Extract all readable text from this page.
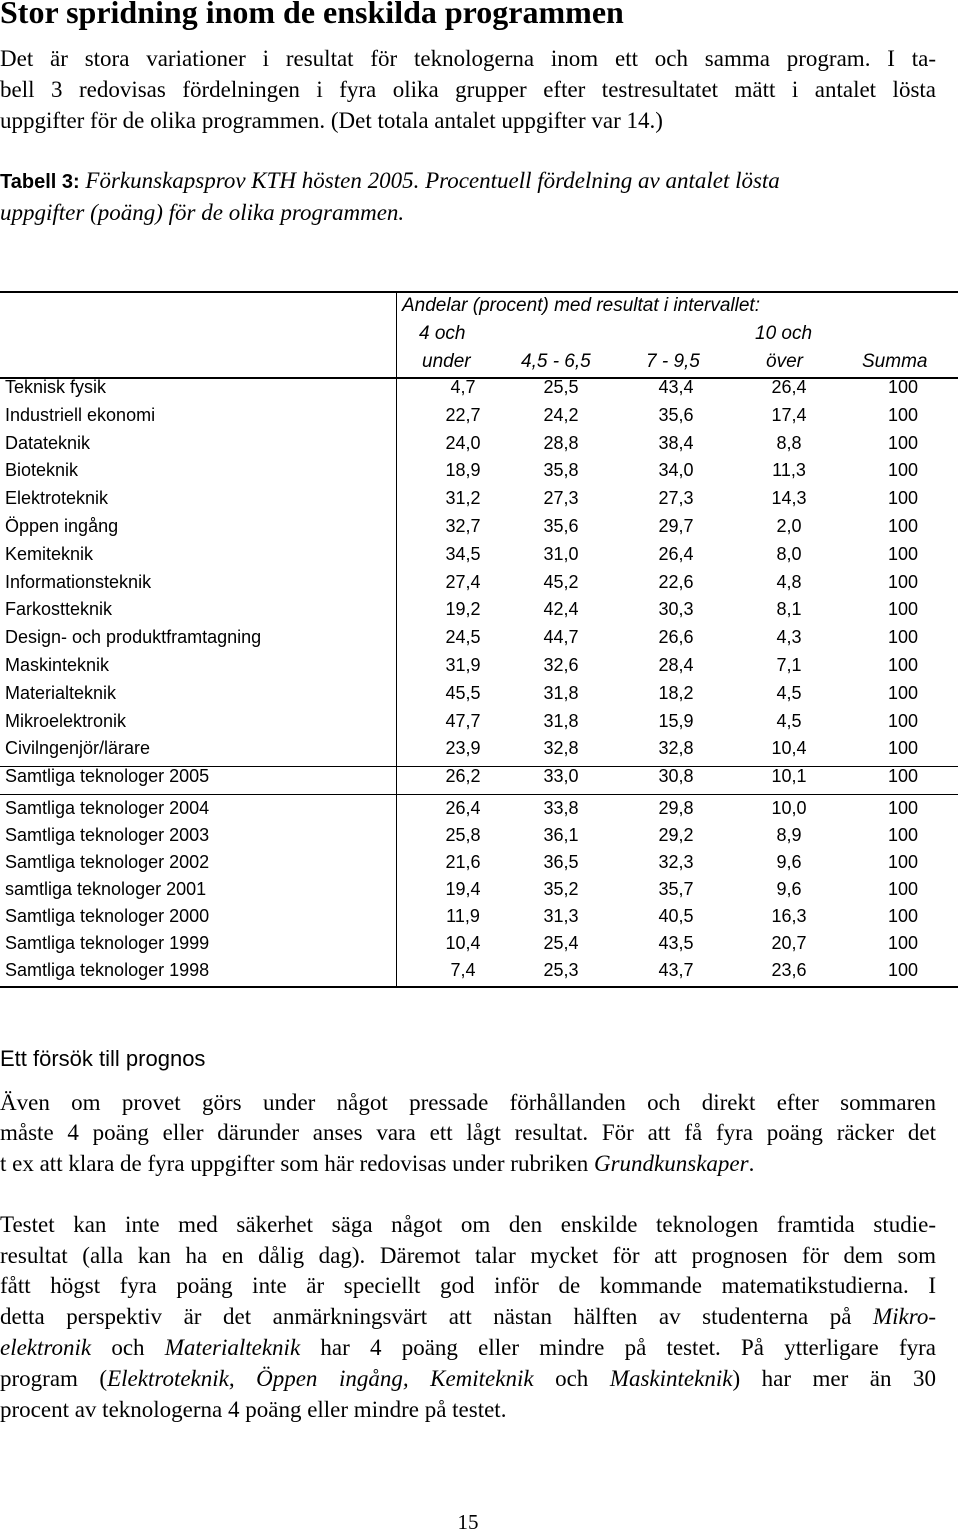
Stor spridning inom de enskilda programmen
Det är stora variationer i resultat för teknologerna inom ett och samma program. I ta-
bell 3 redovisas fördelningen i fyra olika grupper efter testresultatet mätt i antalet lösta
uppgifter för de olika programmen. (Det totala antalet uppgifter var 14.)
Tabell 3: Förkunskapsprov KTH hösten 2005. Procentuell fördelning av antalet lösta
uppgifter (poäng) för de olika programmen.
Andelar (procent) med resultat i intervallet:
4 och
under	4,5 - 6,5	7 - 9,5
10 och
över	Summa
Teknisk fysik	4,7	25,5	43,4	26,4	100
Industriell ekonomi	22,7	24,2	35,6	17,4	100
Datateknik	24,0	28,8	38,4	8,8	100
Bioteknik	18,9	35,8	34,0	11,3	100
Elektroteknik	31,2	27,3	27,3	14,3	100
Öppen ingång	32,7	35,6	29,7	2,0	100
Kemiteknik	34,5	31,0	26,4	8,0	100
Informationsteknik	27,4	45,2	22,6	4,8	100
Farkostteknik	19,2	42,4	30,3	8,1	100
Design- och produktframtagning	24,5	44,7	26,6	4,3	100
Maskinteknik	31,9	32,6	28,4	7,1	100
Materialteknik	45,5	31,8	18,2	4,5	100
Mikroelektronik	47,7	31,8	15,9	4,5	100
Civilngenjör/lärare	23,9	32,8	32,8	10,4	100
Samtliga teknologer 2005	26,2	33,0	30,8	10,1	100
Samtliga teknologer 2004	26,4	33,8	29,8	10,0	100
Samtliga teknologer 2003	25,8	36,1	29,2	8,9	100
Samtliga teknologer 2002	21,6	36,5	32,3	9,6	100
samtliga teknologer 2001	19,4	35,2	35,7	9,6	100
Samtliga teknologer 2000	11,9	31,3	40,5	16,3	100
Samtliga teknologer 1999	10,4	25,4	43,5	20,7	100
Samtliga teknologer 1998	7,4	25,3	43,7	23,6	100
Ett försök till prognos
Även om provet görs under något pressade förhållanden och direkt efter sommaren
måste 4 poäng eller därunder anses vara ett lågt resultat. För att få fyra poäng räcker det
t ex att klara de fyra uppgifter som här redovisas under rubriken Grundkunskaper.
Testet kan inte med säkerhet säga något om den enskilde teknologen framtida studie-
resultat (alla kan ha en dålig dag). Däremot talar mycket för att prognosen för dem som
fått högst fyra poäng inte är speciellt god inför de kommande matematikstudierna. I
detta perspektiv är det anmärkningsvärt att nästan hälften av studenterna på Mikro-
elektronik och Materialteknik har 4 poäng eller mindre på testet. På ytterligare fyra
program (Elektroteknik, Öppen ingång, Kemiteknik och Maskinteknik) har mer än 30
procent av teknologerna 4 poäng eller mindre på testet.
15
